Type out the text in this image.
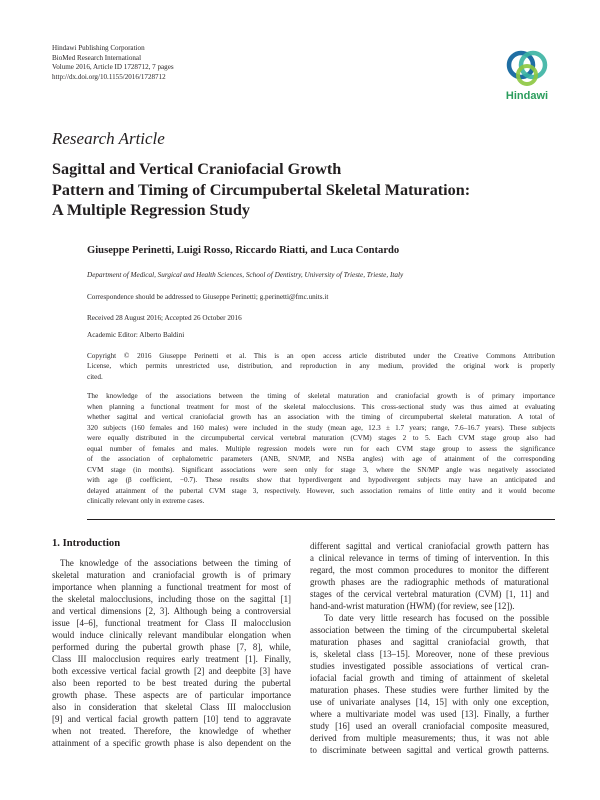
Hindawi Publishing Corporation
BioMed Research International
Volume 2016, Article ID 1728712, 7 pages
http://dx.doi.org/10.1155/2016/1728712
Hindawi
Research Article
Sagittal and Vertical Craniofacial Growth
Pattern and Timing of Circumpubertal Skeletal Maturation:
A Multiple Regression Study
Giuseppe Perinetti, Luigi Rosso, Riccardo Riatti, and Luca Contardo
Department of Medical, Surgical and Health Sciences, School of Dentistry, University of Trieste, Trieste, Italy
Correspondence should be addressed to Giuseppe Perinetti; g.perinetti@fmc.units.it
Received 28 August 2016; Accepted 26 October 2016
Academic Editor: Alberto Baldini
Copyright © 2016 Giuseppe Perinetti et al. This is an open access article distributed under the Creative Commons Attribution
License, which permits unrestricted use, distribution, and reproduction in any medium, provided the original work is properly
cited.
The knowledge of the associations between the timing of skeletal maturation and craniofacial growth is of primary importance
when planning a functional treatment for most of the skeletal malocclusions. This cross-sectional study was thus aimed at evaluating
whether sagittal and vertical craniofacial growth has an association with the timing of circumpubertal skeletal maturation. A total of
320 subjects (160 females and 160 males) were included in the study (mean age, 12.3 ± 1.7 years; range, 7.6–16.7 years). These subjects
were equally distributed in the circumpubertal cervical vertebral maturation (CVM) stages 2 to 5. Each CVM stage group also had
equal number of females and males. Multiple regression models were run for each CVM stage group to assess the significance
of the association of cephalometric parameters (ANB, SN/MP, and NSBa angles) with age of attainment of the corresponding
CVM stage (in months). Significant associations were seen only for stage 3, where the SN/MP angle was negatively associated
with age (β coefficient, −0.7). These results show that hyperdivergent and hypodivergent subjects may have an anticipated and
delayed attainment of the pubertal CVM stage 3, respectively. However, such association remains of little entity and it would become
clinically relevant only in extreme cases.
1. Introduction
The knowledge of the associations between the timing of
skeletal maturation and craniofacial growth is of primary
importance when planning a functional treatment for most of
the skeletal malocclusions, including those on the sagittal [1]
and vertical dimensions [2, 3]. Although being a controversial
issue [4–6], functional treatment for Class II malocclusion
would induce clinically relevant mandibular elongation when
performed during the pubertal growth phase [7, 8], while,
Class III malocclusion requires early treatment [1]. Finally,
both excessive vertical facial growth [2] and deepbite [3] have
also been reported to be best treated during the pubertal
growth phase. These aspects are of particular importance
also in consideration that skeletal Class III malocclusion
[9] and vertical facial growth pattern [10] tend to aggravate
when not treated. Therefore, the knowledge of whether
attainment of a specific growth phase is also dependent on the
different sagittal and vertical craniofacial growth pattern has
a clinical relevance in terms of timing of intervention. In this
regard, the most common procedures to monitor the different
growth phases are the radiographic methods of maturational
stages of the cervical vertebral maturation (CVM) [1, 11] and
hand-and-wrist maturation (HWM) (for review, see [12]).
To date very little research has focused on the possible
association between the timing of the circumpubertal skeletal
maturation phases and sagittal craniofacial growth, that
is, skeletal class [13–15]. Moreover, none of these previous
studies investigated possible associations of vertical cran-
iofacial facial growth and timing of attainment of skeletal
maturation phases. These studies were further limited by the
use of univariate analyses [14, 15] with only one exception,
where a multivariate model was used [13]. Finally, a further
study [16] used an overall craniofacial composite measured,
derived from multiple measurements; thus, it was not able
to discriminate between sagittal and vertical growth patterns.
